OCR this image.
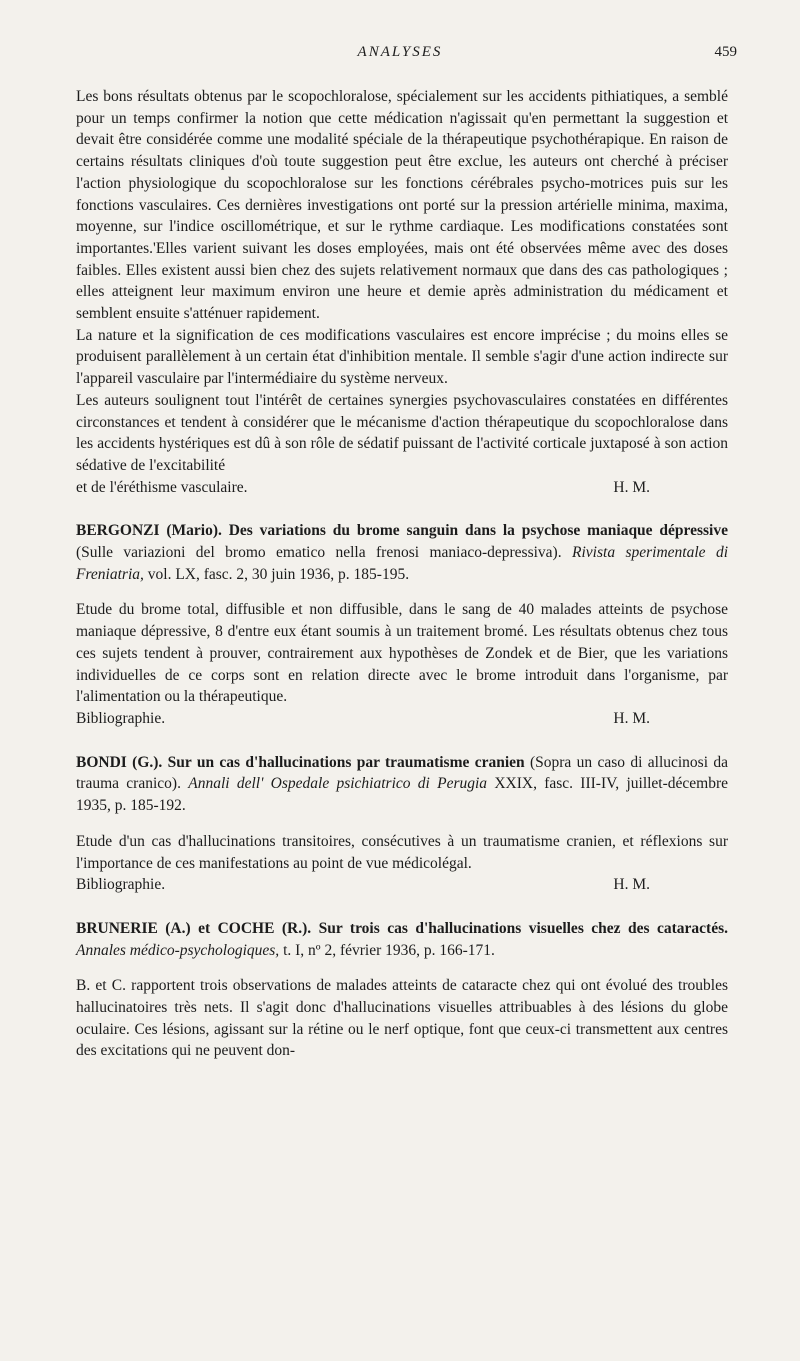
ANALYSES	459

Les bons résultats obtenus par le scopochloralose, spécialement sur les accidents pithiatiques, a semblé pour un temps confirmer la notion que cette médication n'agissait qu'en permettant la suggestion et devait être considérée comme une modalité spéciale de la thérapeutique psychothérapique. En raison de certains résultats cliniques d'où toute suggestion peut être exclue, les auteurs ont cherché à préciser l'action physiologique du scopochloralose sur les fonctions cérébrales psycho-motrices puis sur les fonctions vasculaires. Ces dernières investigations ont porté sur la pression artérielle minima, maxima, moyenne, sur l'indice oscillométrique, et sur le rythme cardiaque. Les modifications constatées sont importantes.'Elles varient suivant les doses employées, mais ont été observées même avec des doses faibles. Elles existent aussi bien chez des sujets relativement normaux que dans des cas pathologiques ; elles atteignent leur maximum environ une heure et demie après administration du médicament et semblent ensuite s'atténuer rapidement.

La nature et la signification de ces modifications vasculaires est encore imprécise ; du moins elles se produisent parallèlement à un certain état d'inhibition mentale. Il semble s'agir d'une action indirecte sur l'appareil vasculaire par l'intermédiaire du système nerveux.

Les auteurs soulignent tout l'intérêt de certaines synergies psychovasculaires constatées en différentes circonstances et tendent à considérer que le mécanisme d'action thérapeutique du scopochloralose dans les accidents hystériques est dû à son rôle de sédatif puissant de l'activité corticale juxtaposé à son action sédative de l'excitabilité

et de l'éréthisme vasculaire.	H. M.

BERGONZI (Mario). Des variations du brome sanguin dans la psychose maniaque dépressive (Sulle variazioni del bromo ematico nella frenosi maniaco-depressiva). Rivista sperimentale di Freniatria, vol. LX, fasc. 2, 30 juin 1936, p. 185-195.

Etude du brome total, diffusible et non diffusible, dans le sang de 40 malades atteints de psychose maniaque dépressive, 8 d'entre eux étant soumis à un traitement bromé. Les résultats obtenus chez tous ces sujets tendent à prouver, contrairement aux hypothèses de Zondek et de Bier, que les variations individuelles de ce corps sont en relation directe avec le brome introduit dans l'organisme, par l'alimentation ou la thérapeutique.

Bibliographie.	H. M.

BONDI (G.). Sur un cas d'hallucinations par traumatisme cranien (Sopra un caso di allucinosi da trauma cranico). Annali dell' Ospedale psichiatrico di Perugia XXIX, fasc. III-IV, juillet-décembre 1935, p. 185-192.

Etude d'un cas d'hallucinations transitoires, consécutives à un traumatisme cranien, et réflexions sur l'importance de ces manifestations au point de vue médicolégal.

Bibliographie.	H. M.

BRUNERIE (A.) et COCHE (R.). Sur trois cas d'hallucinations visuelles chez des cataractés. Annales médico-psychologiques, t. I, nº 2, février 1936, p. 166-171.

B. et C. rapportent trois observations de malades atteints de cataracte chez qui ont évolué des troubles hallucinatoires très nets. Il s'agit donc d'hallucinations visuelles attribuables à des lésions du globe oculaire. Ces lésions, agissant sur la rétine ou le nerf optique, font que ceux-ci transmettent aux centres des excitations qui ne peuvent don-
